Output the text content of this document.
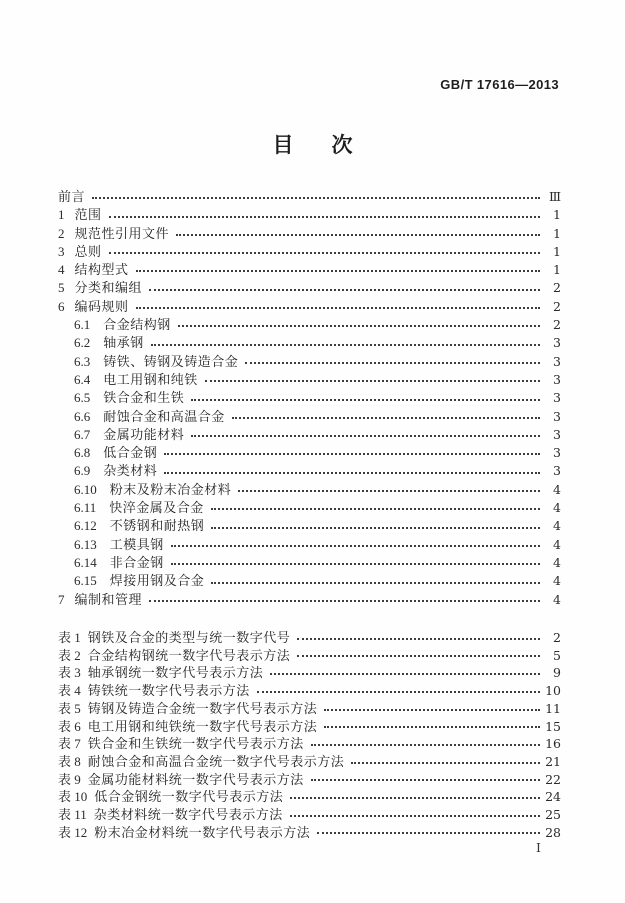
GB/T 17616—2013
目次
前言	Ⅲ
1 范围	1
2 规范性引用文件	1
3 总则	1
4 结构型式	1
5 分类和编组	2
6 编码规则	2
6.1 合金结构钢	2
6.2 轴承钢	3
6.3 铸铁、铸钢及铸造合金	3
6.4 电工用钢和纯铁	3
6.5 铁合金和生铁	3
6.6 耐蚀合金和高温合金	3
6.7 金属功能材料	3
6.8 低合金钢	3
6.9 杂类材料	3
6.10 粉末及粉末冶金材料	4
6.11 快淬金属及合金	4
6.12 不锈钢和耐热钢	4
6.13 工模具钢	4
6.14 非合金钢	4
6.15 焊接用钢及合金	4
7 编制和管理	4
表 1 钢铁及合金的类型与统一数字代号	2
表 2 合金结构钢统一数字代号表示方法	5
表 3 轴承钢统一数字代号表示方法	9
表 4 铸铁统一数字代号表示方法	10
表 5 铸钢及铸造合金统一数字代号表示方法	11
表 6 电工用钢和纯铁统一数字代号表示方法	15
表 7 铁合金和生铁统一数字代号表示方法	16
表 8 耐蚀合金和高温合金统一数字代号表示方法	21
表 9 金属功能材料统一数字代号表示方法	22
表 10 低合金钢统一数字代号表示方法	24
表 11 杂类材料统一数字代号表示方法	25
表 12 粉末冶金材料统一数字代号表示方法	28
Ⅰ
